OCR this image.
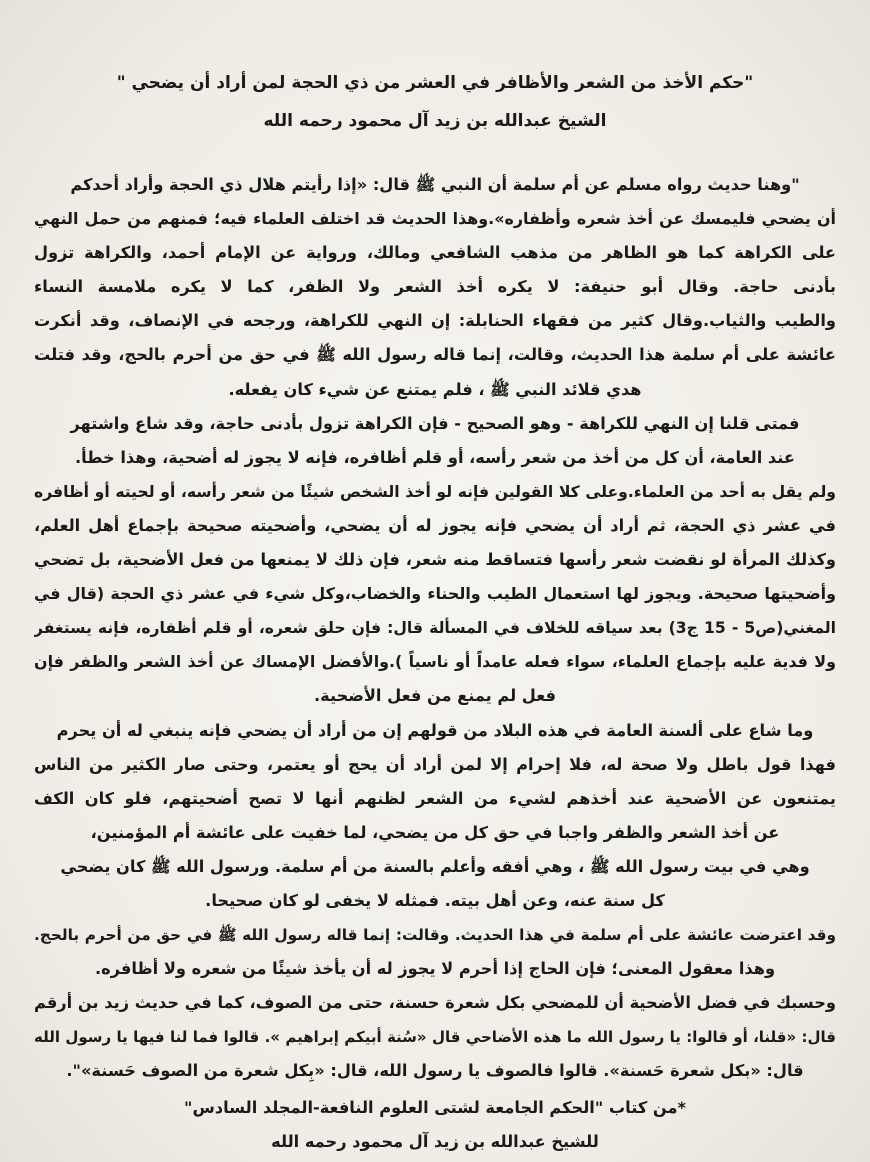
"حكم الأخذ من الشعر والأظافر في العشر من ذي الحجة لمن أراد أن يضحي "

الشيخ عبدالله بن زيد آل محمود رحمه الله

"وهنا حديث رواه مسلم عن أم سلمة أن النبي ﷺ قال: «إذا رأيتم هلال ذي الحجة وأراد أحدكم
أن يضحي فليمسك عن أخذ شعره وأظفاره».وهذا الحديث قد اختلف العلماء فيه؛ فمنهم من حمل النهي
على الكراهة كما هو الظاهر من مذهب الشافعي ومالك، ورواية عن الإمام أحمد، والكراهة تزول
بأدنى حاجة. وقال أبو حنيفة: لا يكره أخذ الشعر ولا الظفر، كما لا يكره ملامسة النساء
والطيب والثياب.وقال كثير من فقهاء الحنابلة: إن النهي للكراهة، ورجحه في الإنصاف، وقد أنكرت
عائشة على أم سلمة هذا الحديث، وقالت، إنما قاله رسول الله ﷺ في حق من أحرم بالحج، وقد فتلت
هدي قلائد النبي ﷺ ، فلم يمتنع عن شيء كان يفعله.
فمتى قلنا إن النهي للكراهة - وهو الصحيح - فإن الكراهة تزول بأدنى حاجة، وقد شاع واشتهر
عند العامة، أن كل من أخذ من شعر رأسه، أو قلم أظافره، فإنه لا يجوز له أضحية، وهذا خطأ.
ولم يقل به أحد من العلماء.وعلى كلا القولين فإنه لو أخذ الشخص شيئًا من شعر رأسه، أو لحيته أو أظافره
في عشر ذي الحجة، ثم أراد أن يضحي فإنه يجوز له أن يضحي، وأضحيته صحيحة بإجماع أهل العلم،
وكذلك المرأة لو نقضت شعر رأسها فتساقط منه شعر، فإن ذلك لا يمنعها من فعل الأضحية، بل تضحي
وأضحيتها صحيحة. ويجوز لها استعمال الطيب والحناء والخضاب،وكل شيء في عشر ذي الحجة (قال في
المغني(ص5 - 15 ج3) بعد سياقه للخلاف في المسألة قال: فإن حلق شعره، أو قلم أظفاره، فإنه يستغفر
ولا فدية عليه بإجماع العلماء، سواء فعله عامداً أو ناسياً ).والأفضل الإمساك عن أخذ الشعر والظفر فإن
فعل لم يمنع من فعل الأضحية.
وما شاع على ألسنة العامة في هذه البلاد من قولهم إن من أراد أن يضحي فإنه ينبغي له أن يحرم
فهذا قول باطل ولا صحة له، فلا إحرام إلا لمن أراد أن يحج أو يعتمر، وحتى صار الكثير من الناس
يمتنعون عن الأضحية عند أخذهم لشيء من الشعر لظنهم أنها لا تصح أضحيتهم، فلو كان الكف
عن أخذ الشعر والظفر واجبا في حق كل من يضحي، لما خفيت على عائشة أم المؤمنين،
وهي في بيت رسول الله ﷺ ، وهي أفقه وأعلم بالسنة من أم سلمة. ورسول الله ﷺ كان يضحي
كل سنة عنه، وعن أهل بيته. فمثله لا يخفى لو كان صحيحا.
وقد اعترضت عائشة على أم سلمة في هذا الحديث. وقالت: إنما قاله رسول الله ﷺ في حق من أحرم بالحج.
وهذا معقول المعنى؛ فإن الحاج إذا أحرم لا يجوز له أن يأخذ شيئًا من شعره ولا أظافره.
وحسبك في فضل الأضحية أن للمضحي بكل شعرة حسنة، حتى من الصوف، كما في حديث زيد بن أرقم
قال: «قلنا، أو قالوا: يا رسول الله ما هذه الأضاحي قال «سُنة أبيكم إبراهيم ». قالوا فما لنا فيها يا رسول الله
قال: «بكل شعرة حَسنة». قالوا فالصوف يا رسول الله، قال: «بِكل شعرة من الصوف حَسنة»".
*من كتاب "الحكم الجامعة لشتى العلوم النافعة-المجلد السادس"
للشيخ عبدالله بن زيد آل محمود رحمه الله
